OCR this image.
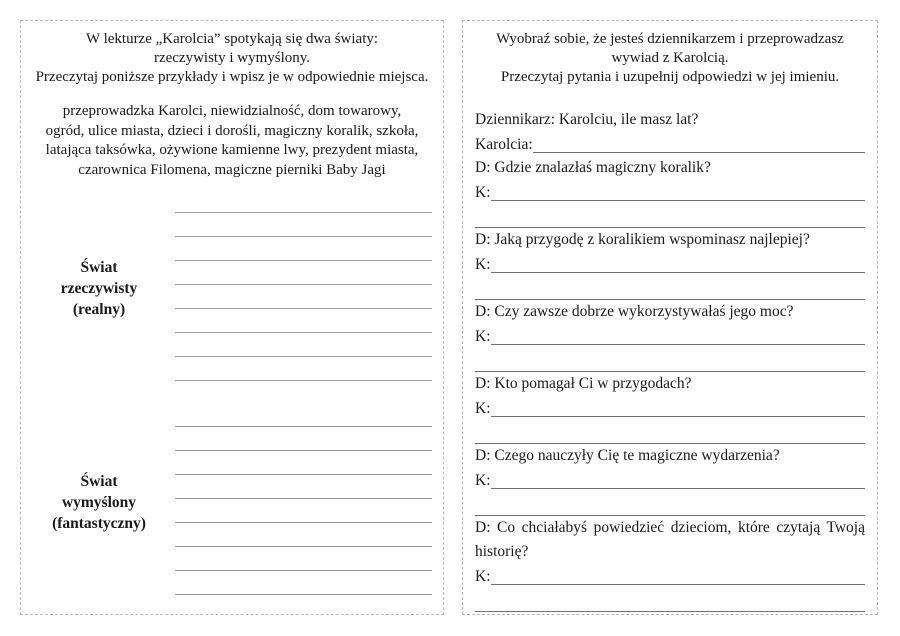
W lekturze „Karolcia” spotykają się dwa światy:
rzeczywisty i wymyślony.
Przeczytaj poniższe przykłady i wpisz je w odpowiednie miejsca.
przeprowadzka Karolci, niewidzialność, dom towarowy,
ogród, ulice miasta, dzieci i dorośli, magiczny koralik, szkoła,
latająca taksówka, ożywione kamienne lwy, prezydent miasta,
czarownica Filomena, magiczne pierniki Baby Jagi
Świat
rzeczywisty
(realny)
Świat
wymyślony
(fantastyczny)
Wyobraź sobie, że jesteś dziennikarzem i przeprowadzasz
wywiad z Karolcią.
Przeczytaj pytania i uzupełnij odpowiedzi w jej imieniu.

Dziennikarz: Karolciu, ile masz lat?

Karolcia:

D: Gdzie znalazłaś magiczny koralik?

K:

D: Jaką przygodę z koralikiem wspominasz najlepiej?

K:

D: Czy zawsze dobrze wykorzystywałaś jego moc?

K:

D: Kto pomagał Ci w przygodach?

K:

D: Czego nauczyły Cię te magiczne wydarzenia?

K:

D: Co chciałabyś powiedzieć dzieciom, które czytają Twoją historię?

K:
